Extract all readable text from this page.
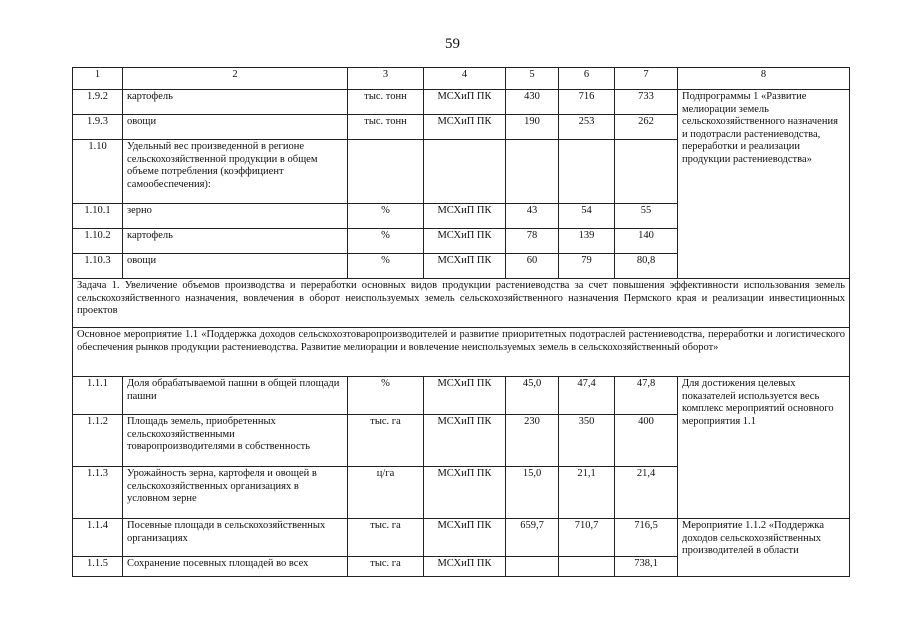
59
1	2	3	4	5	6	7	8
1.9.2	картофель	тыс. тонн	МСХиП ПК	430	716	733	Подпрограммы 1 «Развитие мелиорации земель сельскохозяйственного назначения и подотрасли растениеводства, переработки и реализации продукции растениеводства»
1.9.3	овощи	тыс. тонн	МСХиП ПК	190	253	262	
1.10	Удельный вес произведенной в регионе сельскохозяйственной продукции в общем объеме потребления (коэффициент самообеспечения):						
1.10.1	зерно	%	МСХиП ПК	43	54	55	
1.10.2	картофель	%	МСХиП ПК	78	139	140	
1.10.3	овощи	%	МСХиП ПК	60	79	80,8	
Задача 1. Увеличение объемов производства и переработки основных видов продукции растениеводства за счет повышения эффективности использования земель сельскохозяйственного назначения, вовлечения в оборот неиспользуемых земель сельскохозяйственного назначения Пермского края и реализации инвестиционных проектов							
Основное мероприятие 1.1 «Поддержка доходов сельскохозтоваропроизводителей и развитие приоритетных подотраслей растениеводства, переработки и логистического обеспечения рынков продукции растениеводства. Развитие мелиорации и вовлечение неиспользуемых земель в сельскохозяйственный оборот»							
1.1.1	Доля обрабатываемой пашни в общей площади пашни	%	МСХиП ПК	45,0	47,4	47,8	Для достижения целевых показателей используется весь комплекс мероприятий основного мероприятия 1.1
1.1.2	Площадь земель, приобретенных сельскохозяйственными товаропроизводителями в собственность	тыс. га	МСХиП ПК	230	350	400	
1.1.3	Урожайность зерна, картофеля и овощей в сельскохозяйственных организациях в условном зерне	ц/га	МСХиП ПК	15,0	21,1	21,4	
1.1.4	Посевные площади в сельскохозяйственных организациях	тыс. га	МСХиП ПК	659,7	710,7	716,5	Мероприятие 1.1.2 «Поддержка доходов сельскохозяйственных производителей в области
1.1.5	Сохранение посевных площадей во всех	тыс. га	МСХиП ПК			738,1	
